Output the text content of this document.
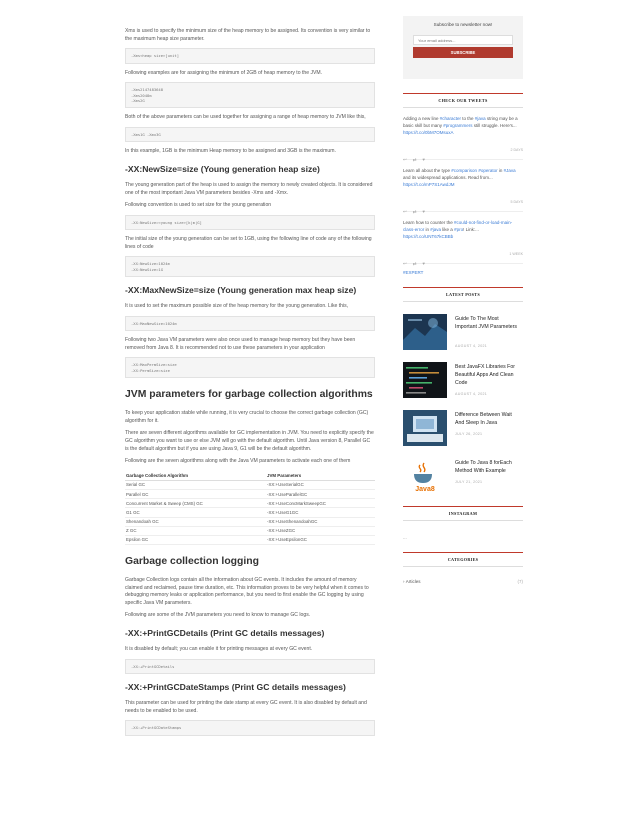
Xms is used to specify the minimum size of the heap memory to be assigned. Its convention is very similar to the maximum heap size parameter.

-Xms<heap size>[unit]

Following examples are for assigning the minimum of 2GB of heap memory to the JVM.

-Xms2147483648
-Xms2048m
-Xms2G

Both of the above parameters can be used together for assigning a range of heap memory to JVM like this,

-Xms1G -Xmx3G

In this example, 1GB is the minimum Heap memory to be assigned and 3GB is the maximum.

-XX:NewSize=size (Young generation heap size)

The young generation part of the heap is used to assign the memory to newly created objects. It is considered one of the most important Java VM parameters besides -Xms and -Xmx.

Following convention is used to set size for the young generation

-XX:NewSize=<young size>[k|m|G]

The initial size of the young generation can be set to 1GB, using the following line of code any of the following lines of code

-XX:NewSize=1024m
-XX:NewSize=1G
-XX:MaxNewSize=size (Young generation max heap size)

It is used to set the maximum possible size of the heap memory for the young generation. Like this,

-XX:MaxNewSize=1024m

Following two Java VM parameters were also once used to manage heap memory but they have been removed from Java 8. It is recommended not to use these parameters in your application

-XX:MaxPermSize=size
-XX:PermSize=size
JVM parameters for garbage collection algorithms

To keep your application stable while running, it is very crucial to choose the correct garbage collection (GC) algorithm for it.

There are seven different algorithms available for GC implementation in JVM. You need to explicitly specify the GC algorithm you want to use or else JVM will go with the default algorithm. Until Java version 8, Parallel GC is the default algorithm but if you are using Java 9, G1 will be the default algorithm.

Following are the seven algorithms along with the Java VM parameters to activate each one of them

Garbage Collection Algorithm	JVM Parameters
Serial GC	-XX:+UseSerialGC
Parallel GC	-XX:+UseParallelGC
Concurrent Market & Sweep (CMS) GC	-XX:+UseConcMarkSweepGC
G1 GC	-XX:+UseG1GC
Shenandoah GC	-XX:+UseShenandoahGC
Z GC	-XX:+UseZGC
Epsilon GC	-XX:+UseEpsilonGC
Garbage collection logging

Garbage Collection logs contain all the information about GC events. It includes the amount of memory claimed and reclaimed, pause time duration, etc. This information proves to be very helpful when it comes to debugging memory leaks or application performance, but you need to first enable the GC logging by using specific Java VM parameters.

Following are some of the JVM parameters you need to know to manage GC logs.

-XX:+PrintGCDetails (Print GC details messages)

It is disabled by default; you can enable it for printing messages at every GC event.

-XX:+PrintGCDetails
-XX:+PrintGCDateStamps (Print GC details messages)

This parameter can be used for printing the date stamp at every GC event. It is also disabled by default and needs to be enabled to be used.

-XX:+PrintGCDateStamps
Subscribe to newsletter now!
Your email address...
SUBSCRIBE
CHECK OUR TWEETS
Adding a new line #character to the #java string may be a basic skill but many #programmers still struggle. Here's... https://t.co/0bM7OMsuxA
↩ ⇄ ♥
2 DAYS
Learn all about the type #comparison #operator in #Java and its widespread applications. Read from... https://t.co/mP7S1AwdJM
↩ ⇄ ♥
5 DAYS
Learn how to counter the #could-not-find-or-load-main-class-error in #java like a #pro! Link:... https://t.co/UNT67kCBBb
↩ ⇄ ♥
1 WEEK
#EXPERT
LATEST POSTS
Guide To The Most Important JVM Parameters
AUGUST 4, 2021
Best JavaFX Libraries For Beautiful Apps And Clean Code
AUGUST 4, 2021
Difference Between Wait And Sleep In Java
JULY 26, 2021
Java8
Guide To Java 8 forEach Method With Example
JULY 21, 2021
INSTAGRAM
...
CATEGORIES
› Articles	(7)
